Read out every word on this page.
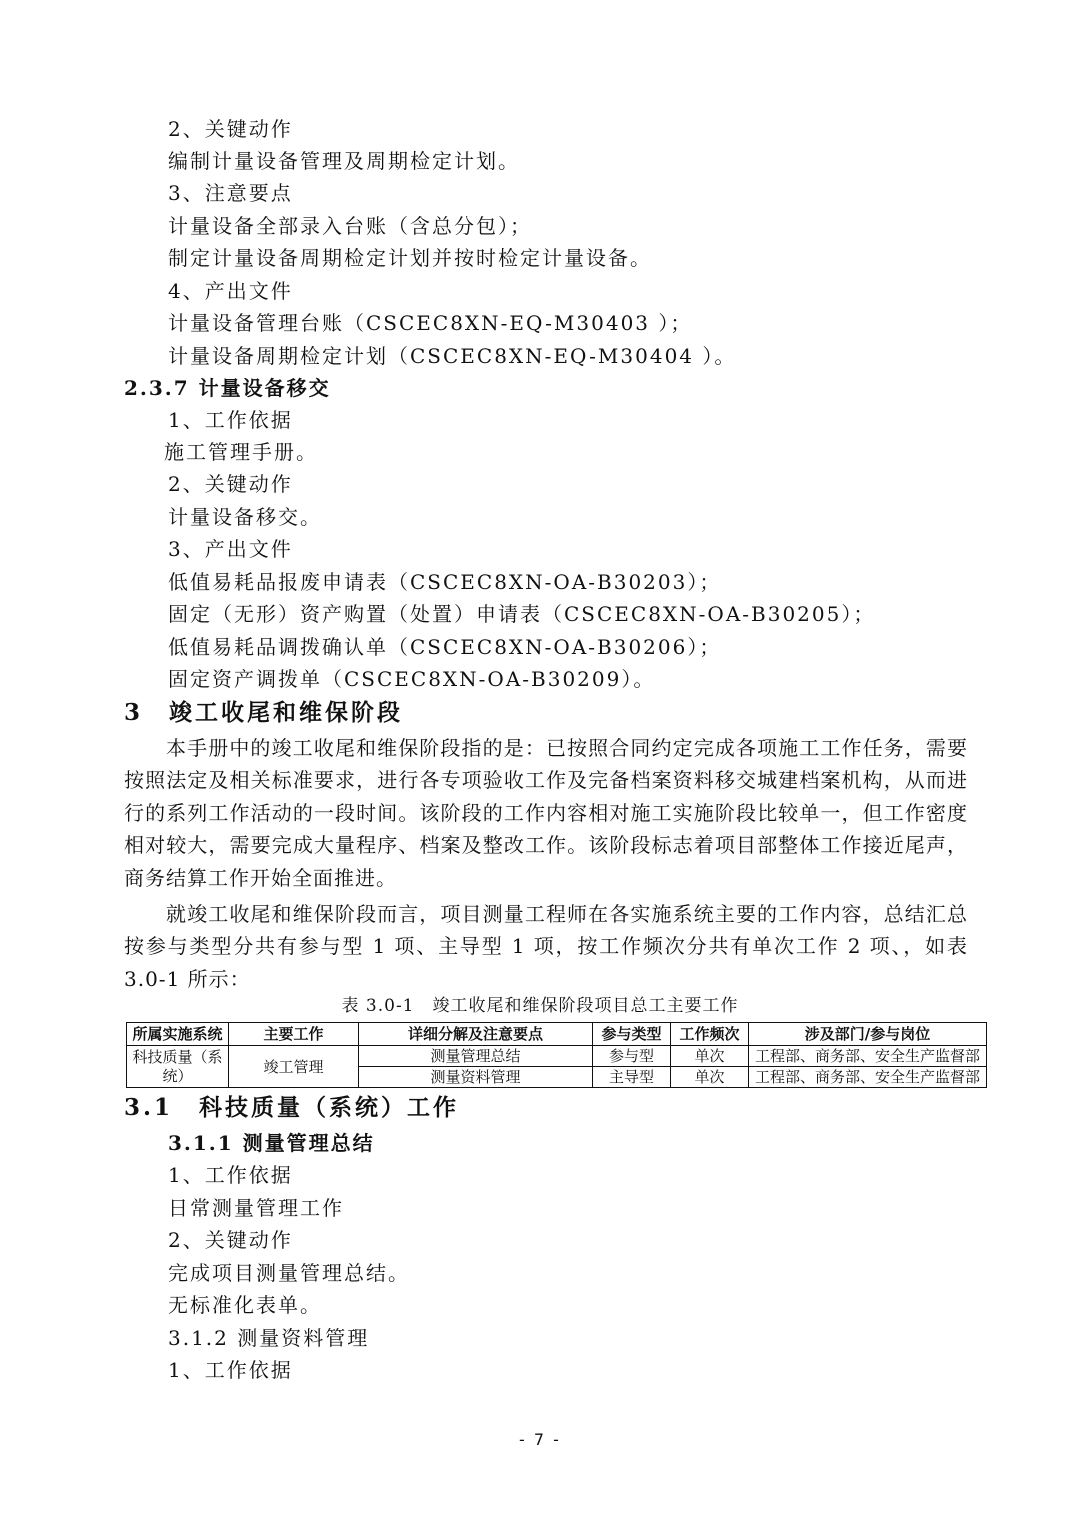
2、关键动作
编制计量设备管理及周期检定计划。
3、注意要点
计量设备全部录入台账（含总分包）；
制定计量设备周期检定计划并按时检定计量设备。
4、产出文件
计量设备管理台账（CSCEC8XN-EQ-M30403 ）；
计量设备周期检定计划（CSCEC8XN-EQ-M30404 ）。
2.3.7 计量设备移交
1、工作依据
施工管理手册。
2、关键动作
计量设备移交。
3、产出文件
低值易耗品报废申请表（CSCEC8XN-OA-B30203）；
固定（无形）资产购置（处置）申请表（CSCEC8XN-OA-B30205）；
低值易耗品调拨确认单（CSCEC8XN-OA-B30206）；
固定资产调拨单（CSCEC8XN-OA-B30209）。
3　竣工收尾和维保阶段

本手册中的竣工收尾和维保阶段指的是：已按照合同约定完成各项施工工作任务，需要按照法定及相关标准要求，进行各专项验收工作及完备档案资料移交城建档案机构，从而进行的系列工作活动的一段时间。该阶段的工作内容相对施工实施阶段比较单一，但工作密度相对较大，需要完成大量程序、档案及整改工作。该阶段标志着项目部整体工作接近尾声，商务结算工作开始全面推进。

就竣工收尾和维保阶段而言，项目测量工程师在各实施系统主要的工作内容，总结汇总按参与类型分共有参与型 1 项、主导型 1 项，按工作频次分共有单次工作 2 项、，如表 3.0-1 所示：

表 3.0-1　竣工收尾和维保阶段项目总工主要工作
所属实施系统	主要工作	详细分解及注意要点	参与类型	工作频次	涉及部门/参与岗位
科技质量（系统）	竣工管理	测量管理总结	参与型	单次	工程部、商务部、安全生产监督部
		测量资料管理	主导型	单次	工程部、商务部、安全生产监督部
3.1　科技质量（系统）工作
3.1.1 测量管理总结
1、工作依据
日常测量管理工作
2、关键动作
完成项目测量管理总结。
无标准化表单。
3.1.2 测量资料管理
1、工作依据
- 7 -
